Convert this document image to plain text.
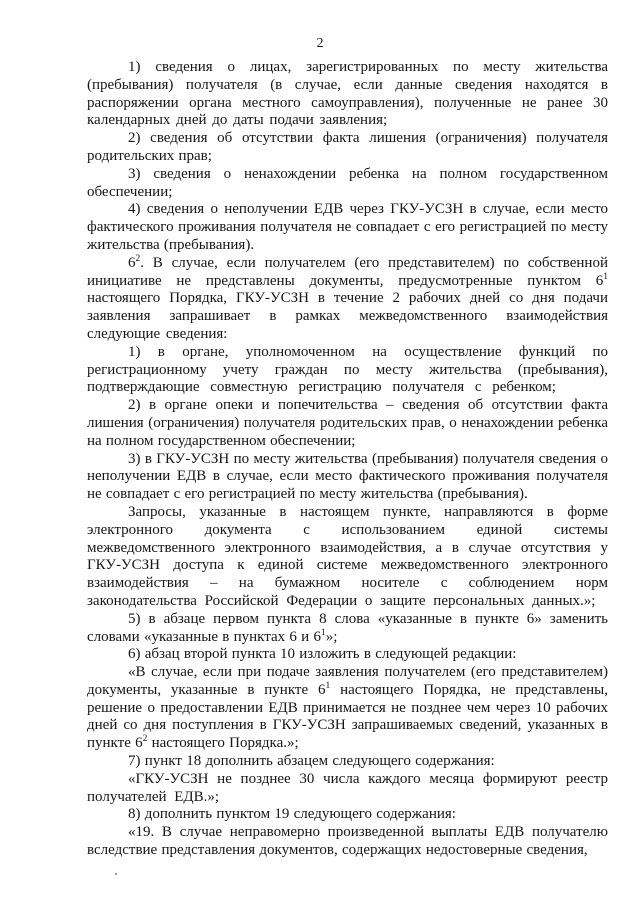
2

1) сведения о лицах, зарегистрированных по месту жительства (пребывания) получателя (в случае, если данные сведения находятся в распоряжении органа местного самоуправления), полученные не ранее 30 календарных дней до даты подачи заявления;

2) сведения об отсутствии факта лишения (ограничения) получателя родительских прав;

3) сведения о ненахождении ребенка на полном государственном обеспечении;

4) сведения о неполучении ЕДВ через ГКУ-УСЗН в случае, если место фактического проживания получателя не совпадает с его регистрацией по месту жительства (пребывания).

$6^2$. В случае, если получателем (его представителем) по собственной инициативе не представлены документы, предусмотренные пунктом $6^1$ настоящего Порядка, ГКУ-УСЗН в течение 2 рабочих дней со дня подачи заявления запрашивает в рамках межведомственного взаимодействия следующие сведения:

1) в органе, уполномоченном на осуществление функций по регистрационному учету граждан по месту жительства (пребывания), подтверждающие совместную регистрацию получателя с ребенком;

2) в органе опеки и попечительства – сведения об отсутствии факта лишения (ограничения) получателя родительских прав, о ненахождении ребенка на полном государственном обеспечении;

3) в ГКУ-УСЗН по месту жительства (пребывания) получателя сведения о неполучении ЕДВ в случае, если место фактического проживания получателя не совпадает с его регистрацией по месту жительства (пребывания).

Запросы, указанные в настоящем пункте, направляются в форме электронного документа с использованием единой системы межведомственного электронного взаимодействия, а в случае отсутствия у ГКУ-УСЗН доступа к единой системе межведомственного электронного взаимодействия – на бумажном носителе с соблюдением норм законодательства Российской Федерации о защите персональных данных.»;

5) в абзаце первом пункта 8 слова «указанные в пункте 6» заменить словами «указанные в пунктах 6 и $6^1$»;

6) абзац второй пункта 10 изложить в следующей редакции:

«В случае, если при подаче заявления получателем (его представителем) документы, указанные в пункте $6^1$ настоящего Порядка, не представлены, решение о предоставлении ЕДВ принимается не позднее чем через 10 рабочих дней со дня поступления в ГКУ-УСЗН запрашиваемых сведений, указанных в пункте $6^2$ настоящего Порядка.»;

7) пункт 18 дополнить абзацем следующего содержания:

«ГКУ-УСЗН не позднее 30 числа каждого месяца формируют реестр получателей ЕДВ.»;

8) дополнить пунктом 19 следующего содержания:

«19. В случае неправомерно произведенной выплаты ЕДВ получателю вследствие представления документов, содержащих недостоверные сведения,
